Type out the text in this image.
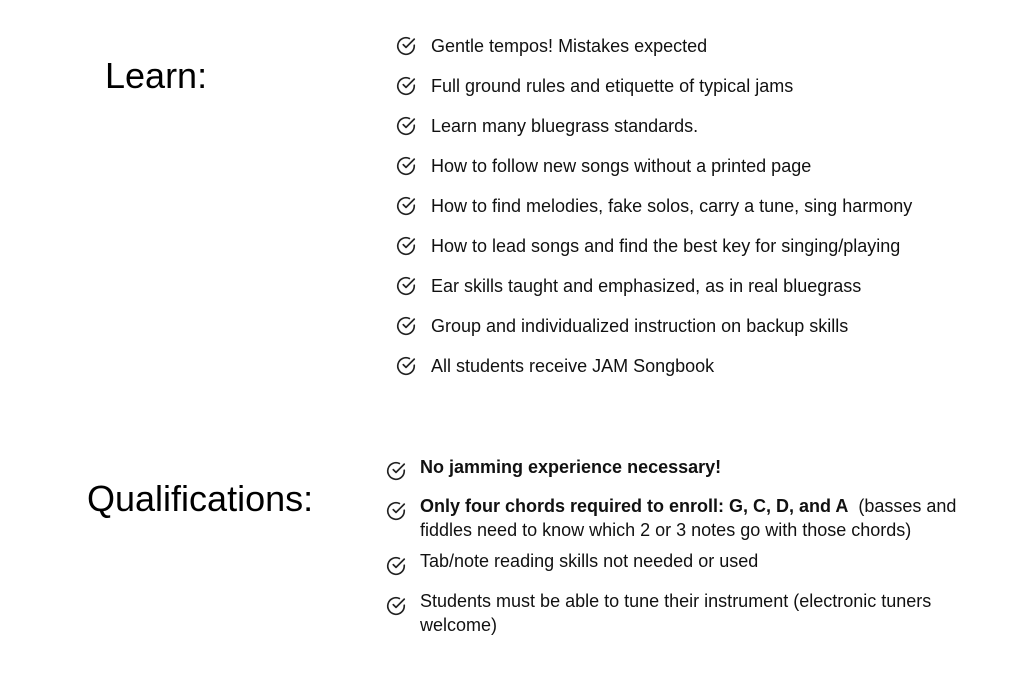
Learn:
Gentle tempos! Mistakes expected
Full ground rules and etiquette of typical jams
Learn many bluegrass standards.
How to follow new songs without a printed page
How to find melodies, fake solos, carry a tune, sing harmony
How to lead songs and find the best key for singing/playing
Ear skills taught and emphasized, as in real bluegrass
Group and individualized instruction on backup skills
All students receive JAM Songbook
Qualifications:
No jamming experience necessary!
Only four chords required to enroll: G, C, D, and A  (basses and fiddles need to know which 2 or 3 notes go with those chords)
Tab/note reading skills not needed or used
Students must be able to tune their instrument (electronic tuners welcome)
